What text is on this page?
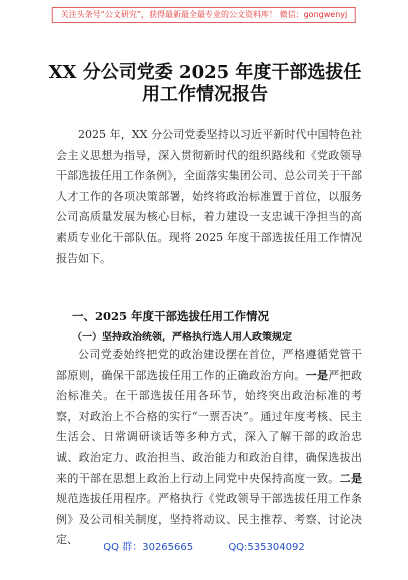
关注头条号“公文研究”，获得最新最全最专业的公文资料库！ 微信：gongwenyj
XX 分公司党委 2025 年度干部选拔任用工作情况报告
2025 年，XX 分公司党委坚持以习近平新时代中国特色社会主义思想为指导，深入贯彻新时代的组织路线和《党政领导干部选拔任用工作条例》，全面落实集团公司、总公司关于干部人才工作的各项决策部署，始终将政治标准置于首位，以服务公司高质量发展为核心目标，着力建设一支忠诚干净担当的高素质专业化干部队伍。现将 2025 年度干部选拔任用工作情况报告如下。
一、2025 年度干部选拔任用工作情况
（一）坚持政治统领，严格执行选人用人政策规定
公司党委始终把党的政治建设摆在首位，严格遵循党管干部原则，确保干部选拔任用工作的正确政治方向。一是严把政治标准关。在干部选拔任用各环节，始终突出政治标准的考察，对政治上不合格的实行“一票否决”。通过年度考核、民主生活会、日常调研谈话等多种方式，深入了解干部的政治忠诚、政治定力、政治担当、政治能力和政治自律，确保选拔出来的干部在思想上政治上行动上同党中央保持高度一致。二是规范选拔任用程序。严格执行《党政领导干部选拔任用工作条例》及公司相关制度，坚持将动议、民主推荐、考察、讨论决定、
QQ 群：30265665	QQ:535304092
